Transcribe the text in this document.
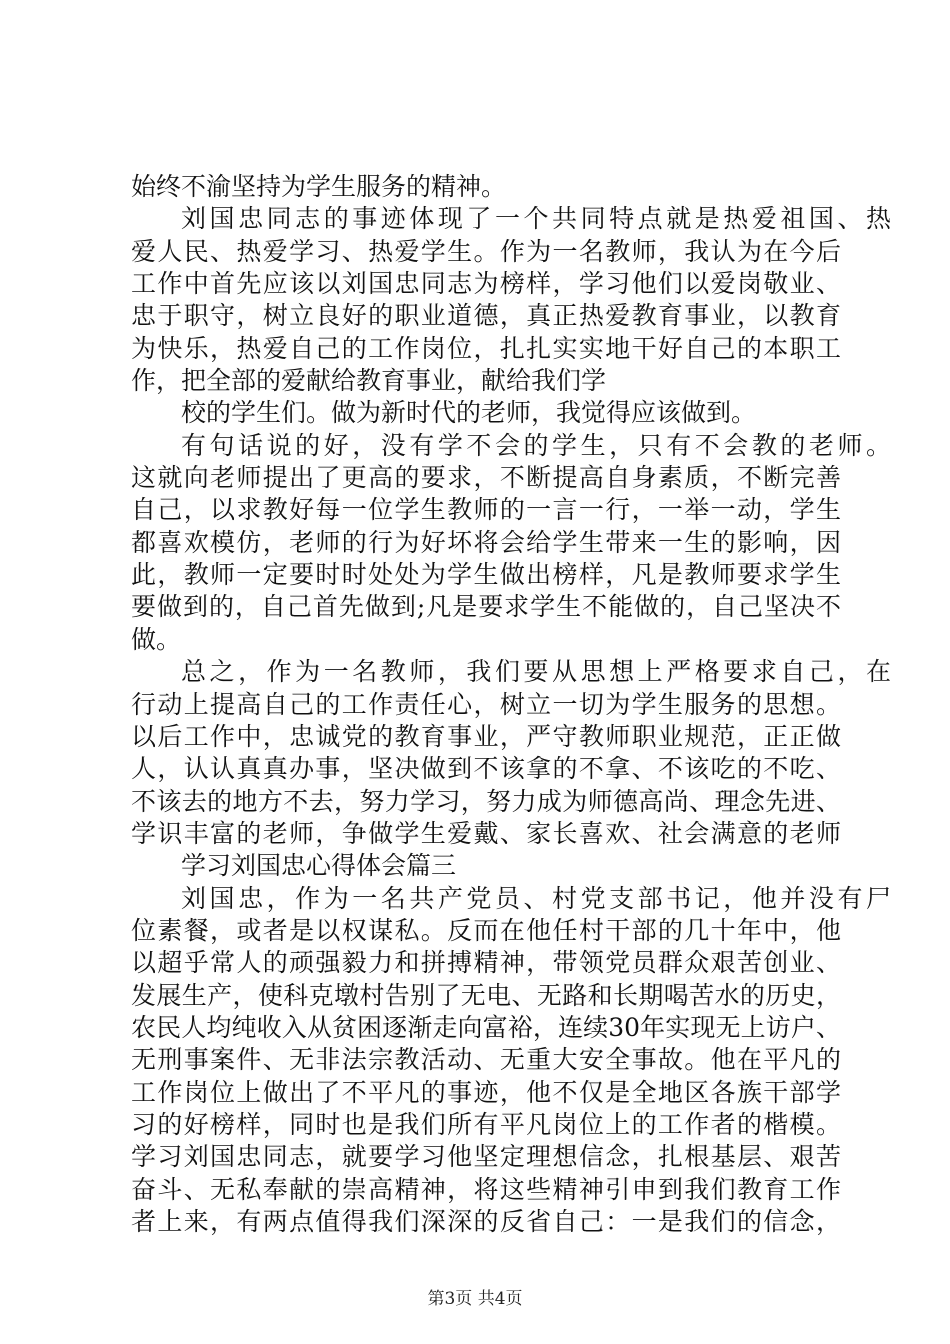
始终不渝坚持为学生服务的精神。
刘国忠同志的事迹体现了一个共同特点就是热爱祖国、热
爱人民、热爱学习、热爱学生。作为一名教师，我认为在今后
工作中首先应该以刘国忠同志为榜样，学习他们以爱岗敬业、
忠于职守，树立良好的职业道德，真正热爱教育事业，以教育
为快乐，热爱自己的工作岗位，扎扎实实地干好自己的本职工
作，把全部的爱献给教育事业，献给我们学
校的学生们。做为新时代的老师，我觉得应该做到。
有句话说的好，没有学不会的学生，只有不会教的老师。
这就向老师提出了更高的要求，不断提高自身素质，不断完善
自己，以求教好每一位学生教师的一言一行，一举一动，学生
都喜欢模仿，老师的行为好坏将会给学生带来一生的影响，因
此，教师一定要时时处处为学生做出榜样，凡是教师要求学生
要做到的，自己首先做到;凡是要求学生不能做的，自己坚决不
做。
总之，作为一名教师，我们要从思想上严格要求自己，在
行动上提高自己的工作责任心，树立一切为学生服务的思想。
以后工作中，忠诚党的教育事业，严守教师职业规范，正正做
人，认认真真办事，坚决做到不该拿的不拿、不该吃的不吃、
不该去的地方不去，努力学习，努力成为师德高尚、理念先进、
学识丰富的老师，争做学生爱戴、家长喜欢、社会满意的老师
学习刘国忠心得体会篇三
刘国忠，作为一名共产党员、村党支部书记，他并没有尸
位素餐，或者是以权谋私。反而在他任村干部的几十年中，他
以超乎常人的顽强毅力和拼搏精神，带领党员群众艰苦创业、
发展生产，使科克墩村告别了无电、无路和长期喝苦水的历史，
农民人均纯收入从贫困逐渐走向富裕，连续30年实现无上访户、
无刑事案件、无非法宗教活动、无重大安全事故。他在平凡的
工作岗位上做出了不平凡的事迹，他不仅是全地区各族干部学
习的好榜样，同时也是我们所有平凡岗位上的工作者的楷模。
学习刘国忠同志，就要学习他坚定理想信念，扎根基层、艰苦
奋斗、无私奉献的崇高精神，将这些精神引申到我们教育工作
者上来，有两点值得我们深深的反省自己：一是我们的信念，
第3页 共4页
